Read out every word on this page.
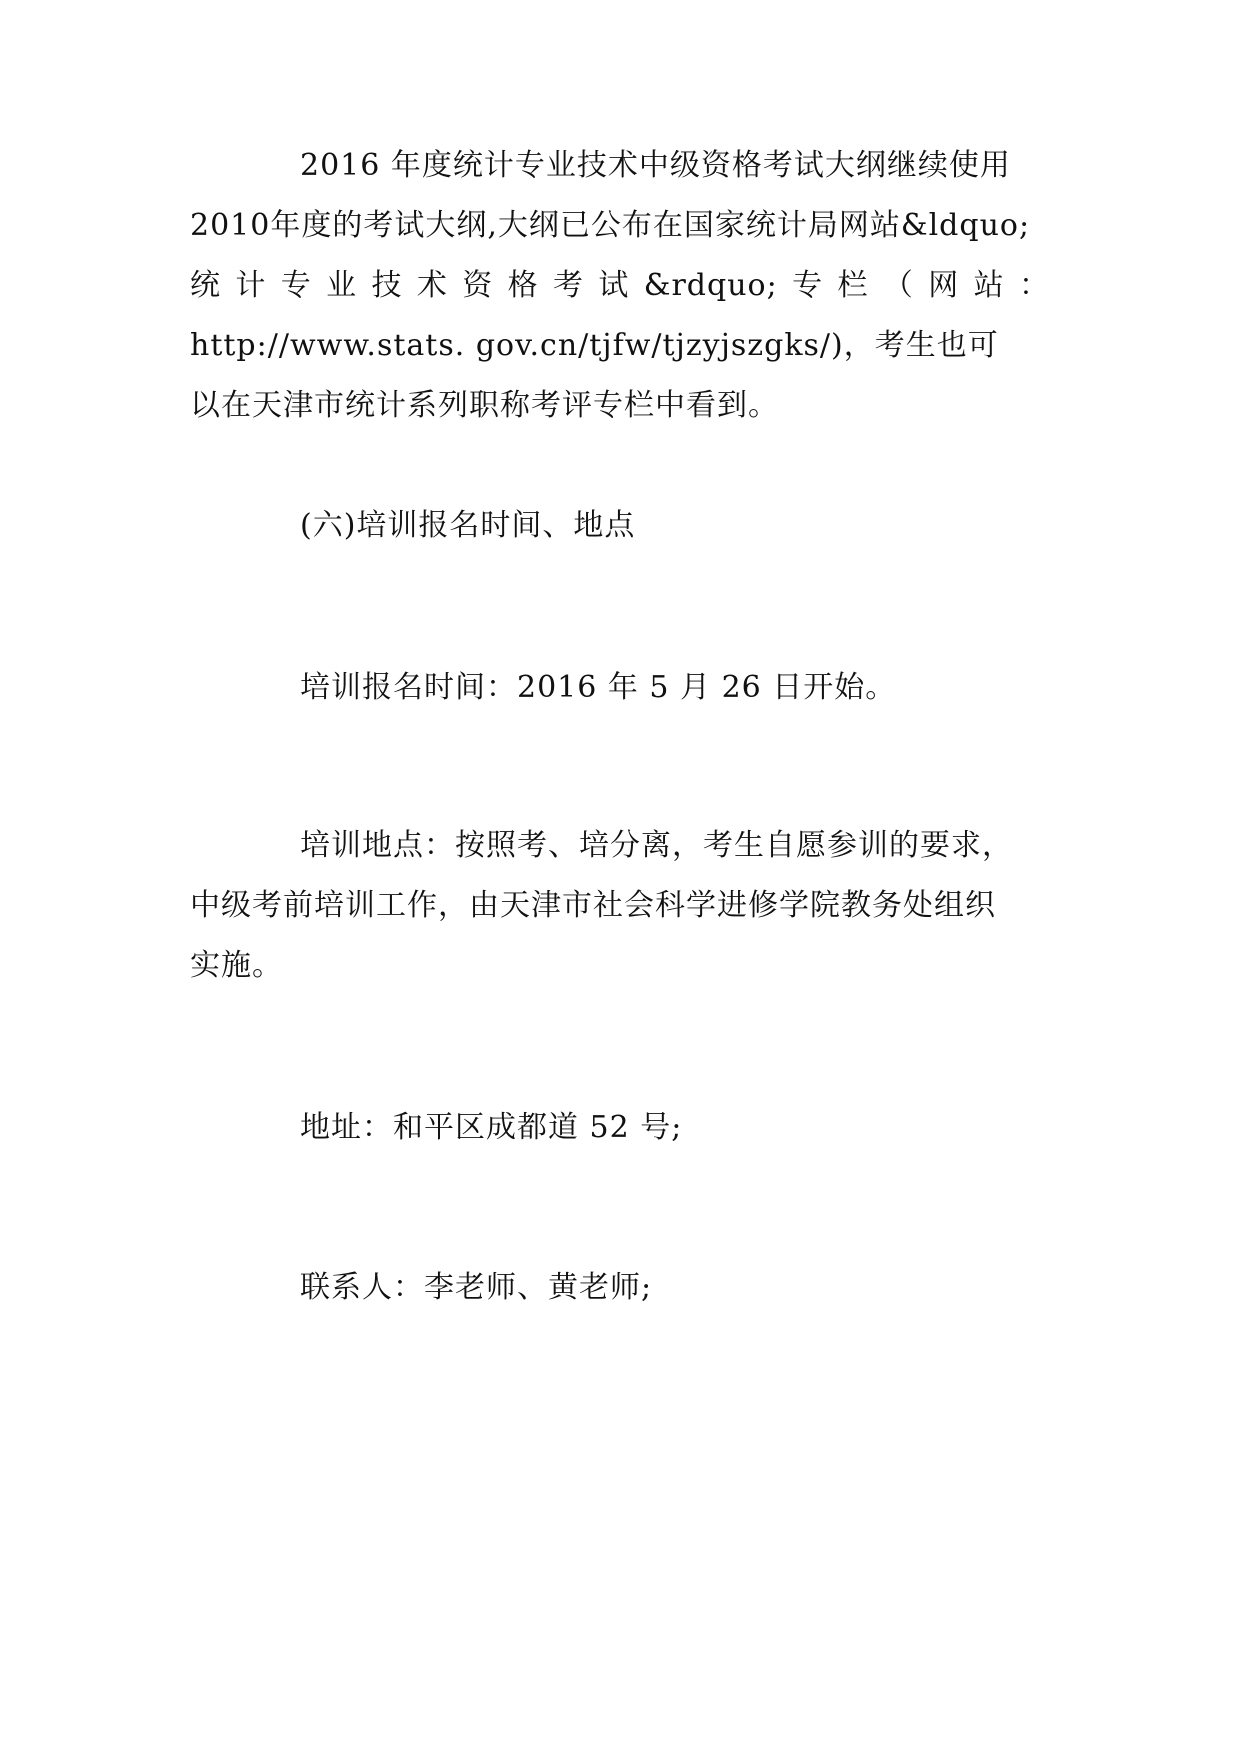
2016 年度统计专业技术中级资格考试大纲继续使用
2010年度的考试大纲,大纲已公布在国家统计局网站&ldquo;
统 计 专 业 技 术 资 格 考 试 &rdquo; 专 栏 （ 网 站 ：
http://www.stats. gov.cn/tjfw/tjzyjszgks/)，考生也可
以在天津市统计系列职称考评专栏中看到。

(六)培训报名时间、地点

培训报名时间：2016 年 5 月 26 日开始。

培训地点：按照考、培分离，考生自愿参训的要求，
中级考前培训工作，由天津市社会科学进修学院教务处组织
实施。

地址：和平区成都道 52 号;

联系人：李老师、黄老师;
